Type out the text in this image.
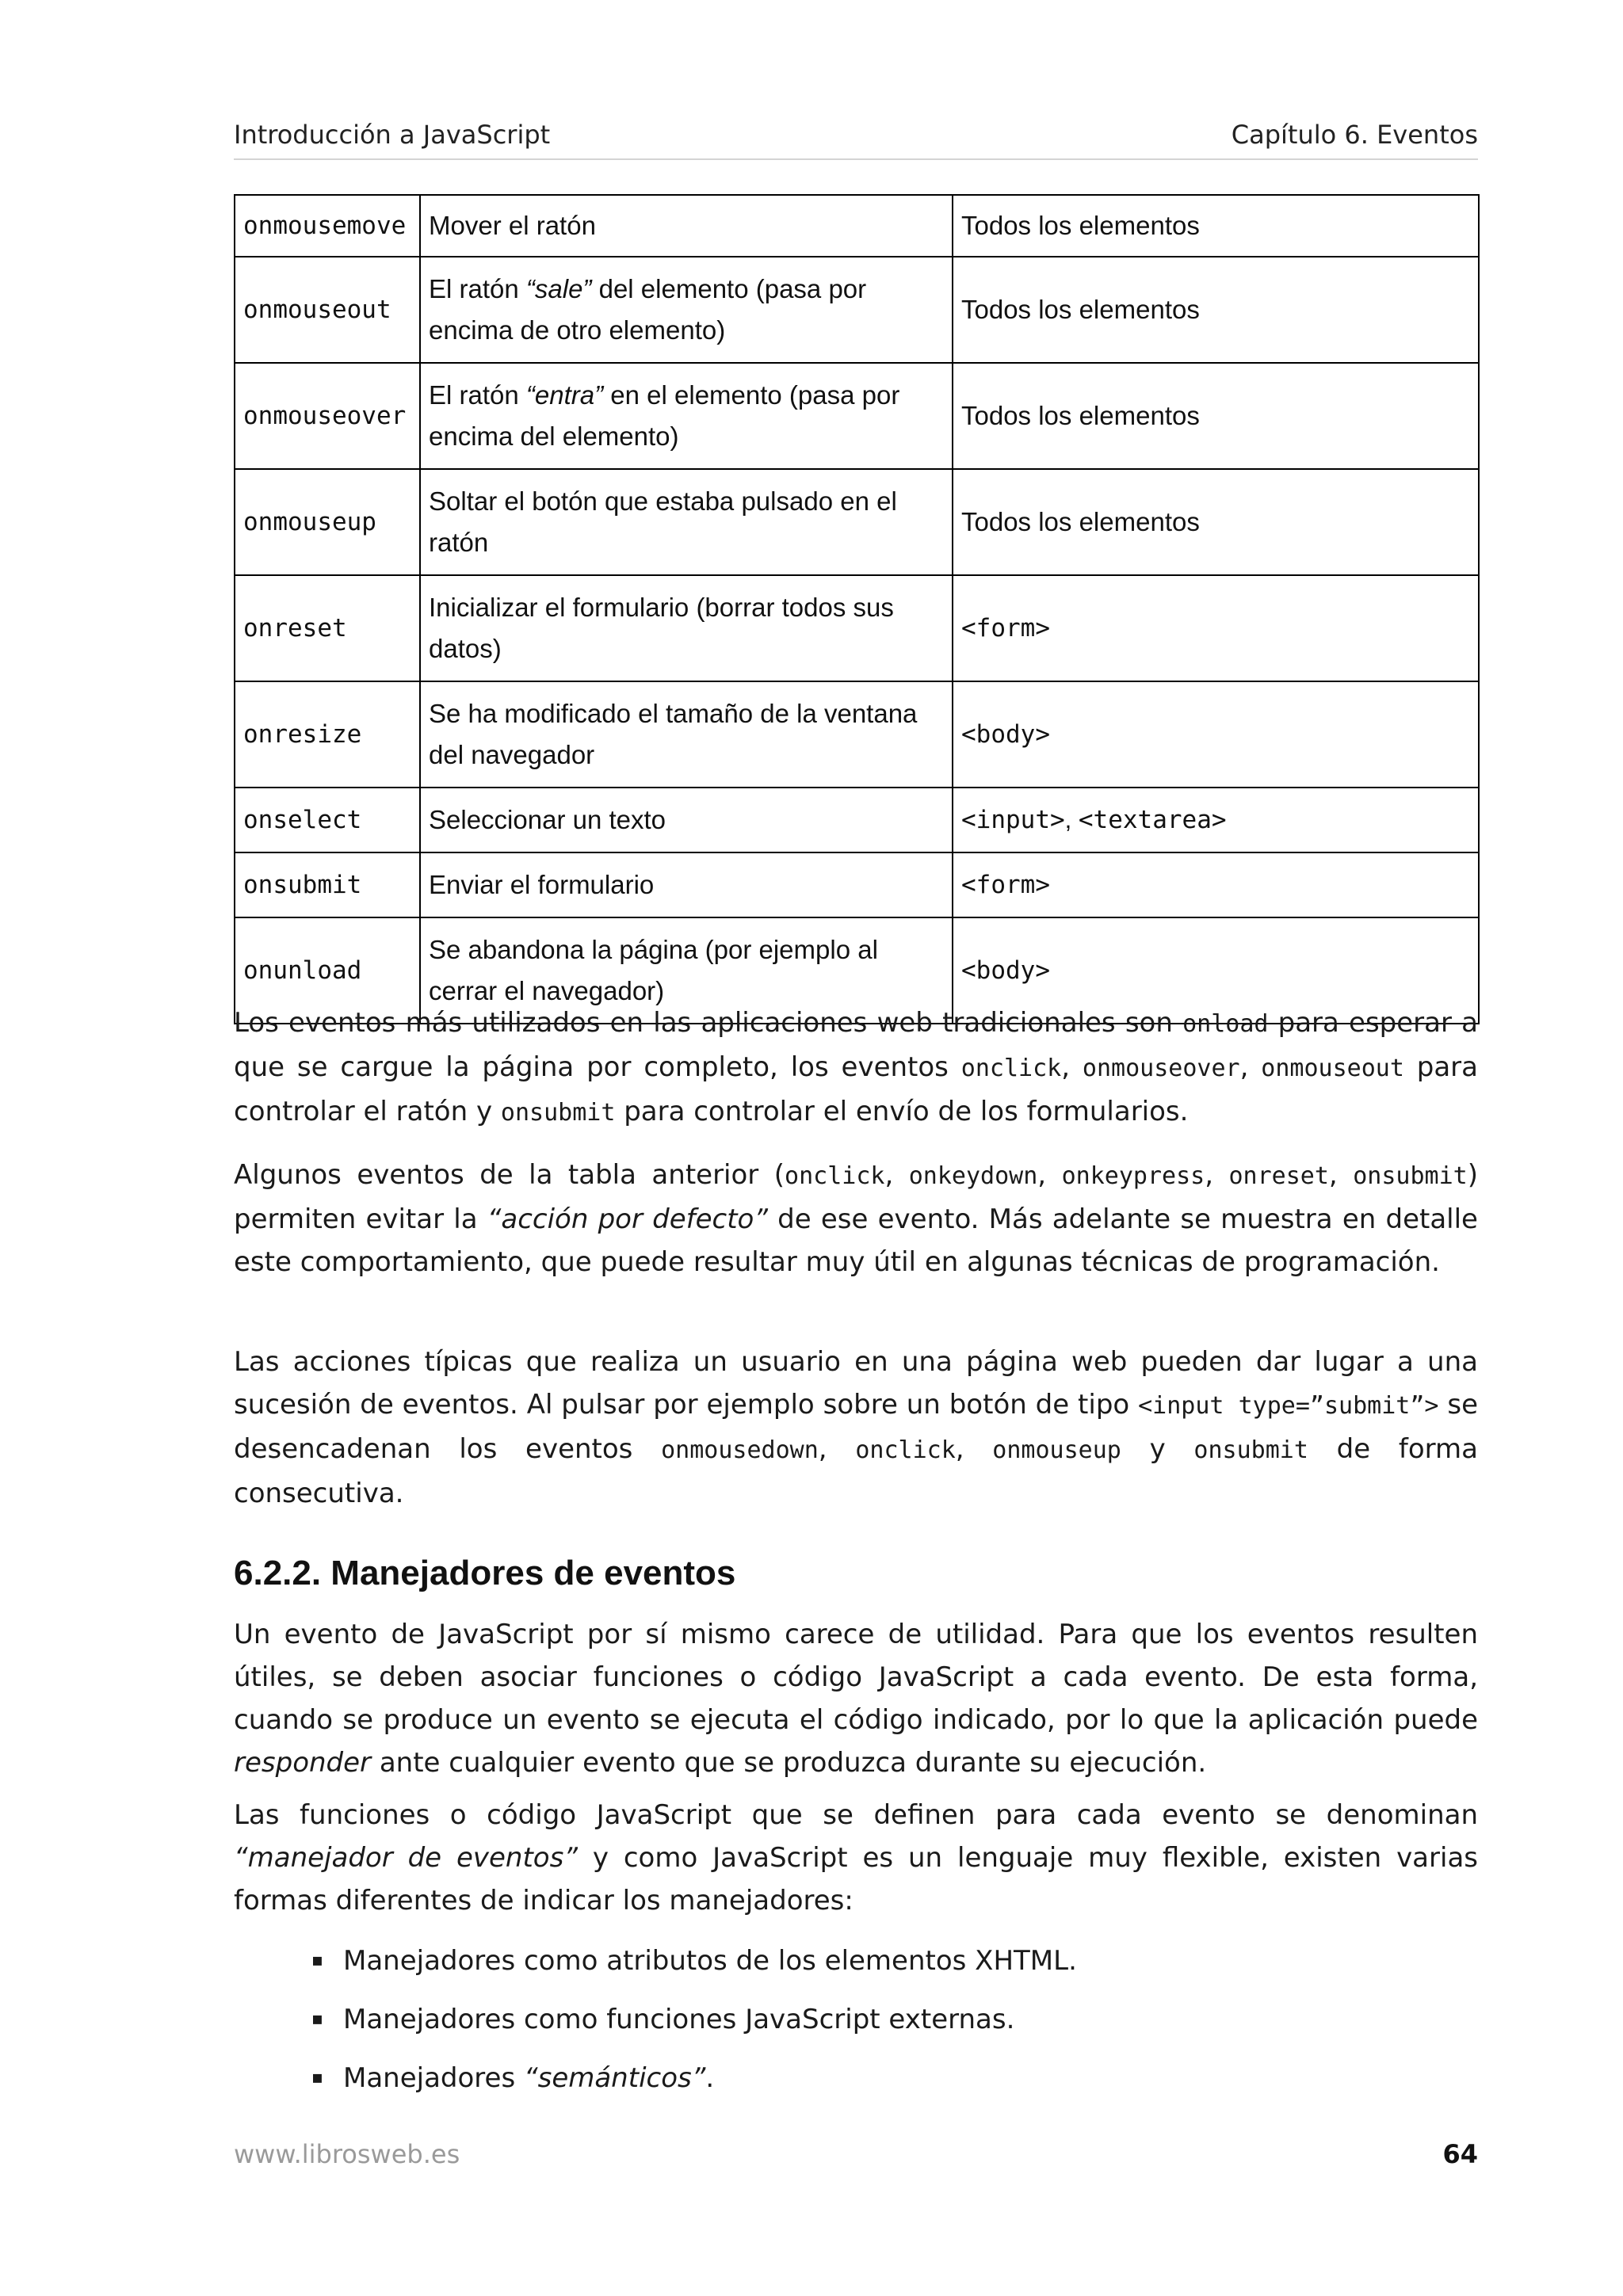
Introducción a JavaScript	Capítulo 6. Eventos
onmousemove	Mover el ratón	Todos los elementos
onmouseout	El ratón “sale” del elemento (pasa por encima de otro elemento)	Todos los elementos
onmouseover	El ratón “entra” en el elemento (pasa por encima del elemento)	Todos los elementos
onmouseup	Soltar el botón que estaba pulsado en el ratón	Todos los elementos
onreset	Inicializar el formulario (borrar todos sus datos)	<form>
onresize	Se ha modificado el tamaño de la ventana del navegador	<body>
onselect	Seleccionar un texto	<input>, <textarea>
onsubmit	Enviar el formulario	<form>
onunload	Se abandona la página (por ejemplo al cerrar el navegador)	<body>

Los eventos más utilizados en las aplicaciones web tradicionales son onload para esperar a que se cargue la página por completo, los eventos onclick, onmouseover, onmouseout para controlar el ratón y onsubmit para controlar el envío de los formularios.

Algunos eventos de la tabla anterior (onclick, onkeydown, onkeypress, onreset, onsubmit) permiten evitar la “acción por defecto” de ese evento. Más adelante se muestra en detalle este comportamiento, que puede resultar muy útil en algunas técnicas de programación.

Las acciones típicas que realiza un usuario en una página web pueden dar lugar a una sucesión de eventos. Al pulsar por ejemplo sobre un botón de tipo <input type=”submit”> se desencadenan los eventos onmousedown, onclick, onmouseup y onsubmit de forma consecutiva.

6.2.2. Manejadores de eventos

Un evento de JavaScript por sí mismo carece de utilidad. Para que los eventos resulten útiles, se deben asociar funciones o código JavaScript a cada evento. De esta forma, cuando se produce un evento se ejecuta el código indicado, por lo que la aplicación puede responder ante cualquier evento que se produzca durante su ejecución.

Las funciones o código JavaScript que se definen para cada evento se denominan “manejador de eventos” y como JavaScript es un lenguaje muy flexible, existen varias formas diferentes de indicar los manejadores:

▪ Manejadores como atributos de los elementos XHTML.
▪ Manejadores como funciones JavaScript externas.
▪ Manejadores “semánticos”.
www.librosweb.es	64
